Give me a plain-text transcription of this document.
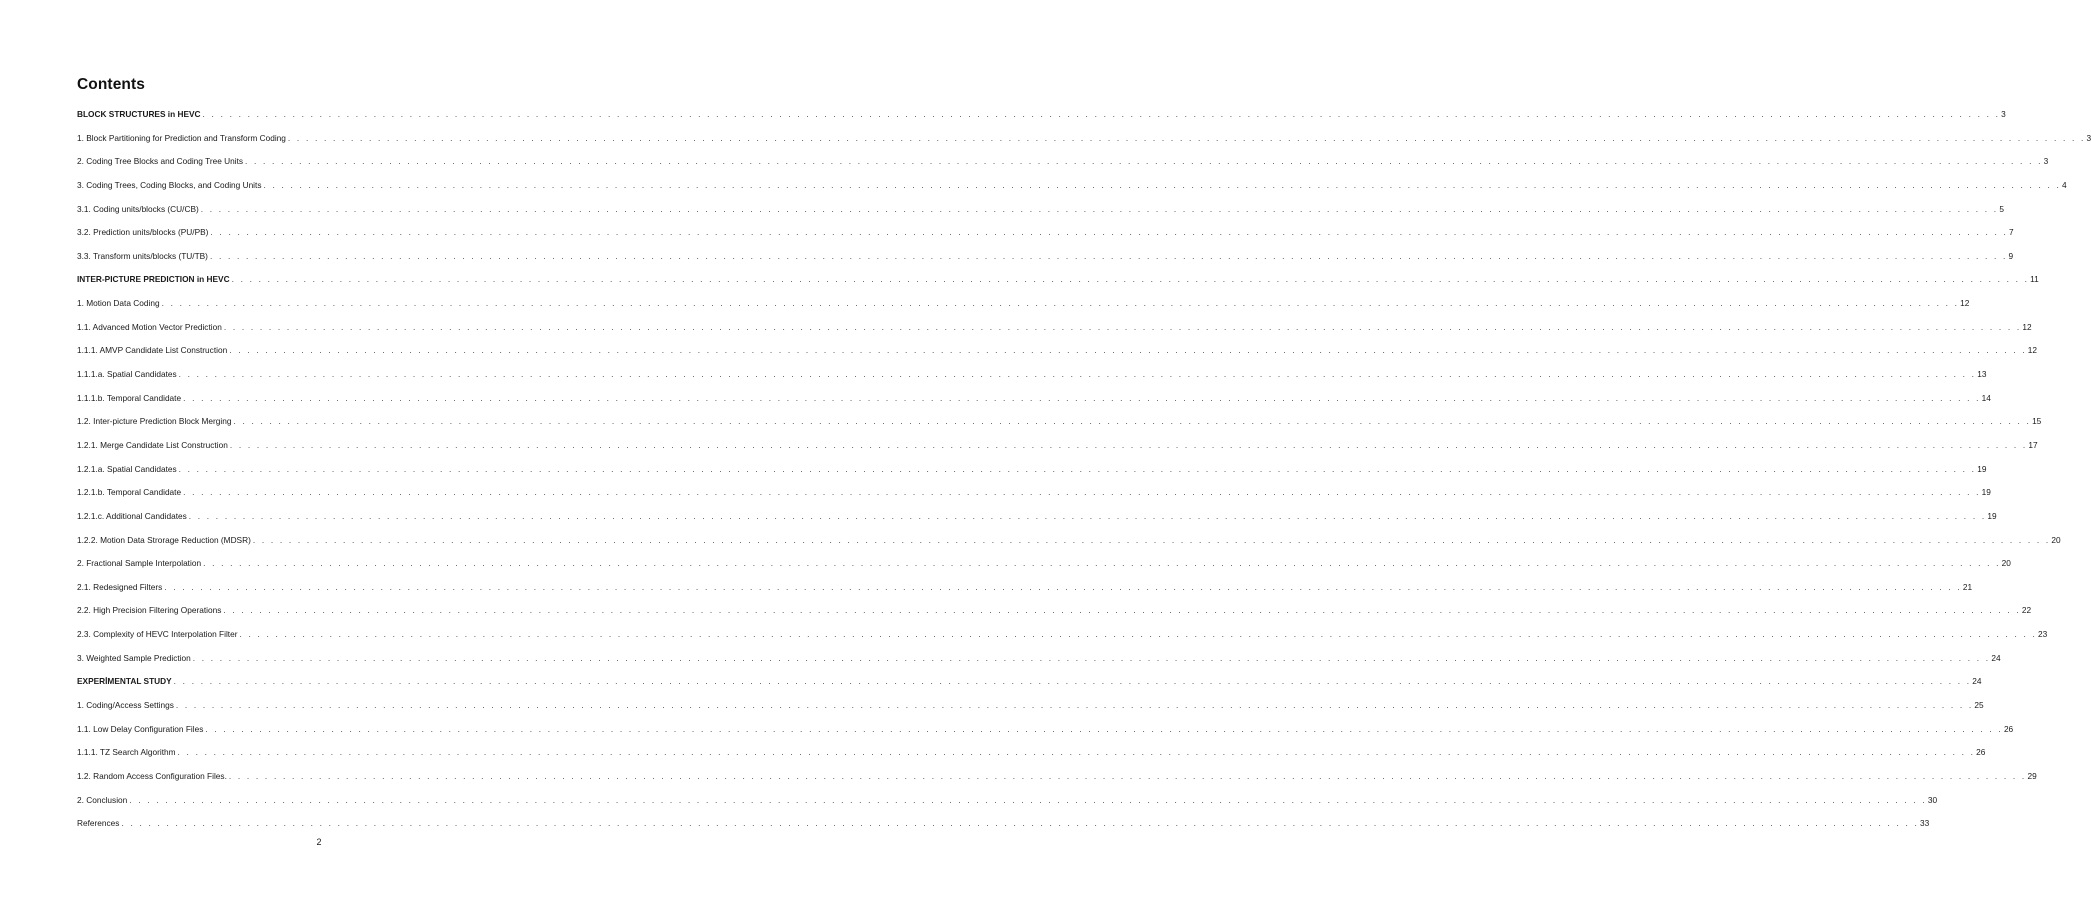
Contents
BLOCK STRUCTURES in HEVC . . . . . . . . . . . . . . . . . . . . . . . . . . . . . . . . . . . . . . . . . . . . . . . . . . . . . . . . . . . . . . . . . . . . . . . . . . . . . . . . . . . . . . . . . . . . . . . . . . . . . . . . . . . . . . . . . . . . . . . . . . . . . . . . . . . . . . . . . . . . . . . . . . . . . . . . . . . . . . . . . . . . . . . . . . . . . . . . . . . . . . . . . . . . . . . . . . . . . . . . 3
1. Block Partitioning for Prediction and Transform Coding . . . . . . . . . . . . . . . . . . . . . . . . . . . . . . . . . . . . . . . . . . . . . . . . . . . . . . . . . . . . . . . . . . . . . . . . . . . . . . . . . . . . . . . . . . . . . . . . . . . . . . . . . . . . . . . . . . . . . . . . . . . . . . . . . . . . . . . . . . . . . . . . . . . . . . . . . . . . . . . . . . . . . . . . . . . . . . . . . . . . . . . . . . . . . . . . . . . . . . . . 3
2. Coding Tree Blocks and Coding Tree Units . . . . . . . . . . . . . . . . . . . . . . . . . . . . . . . . . . . . . . . . . . . . . . . . . . . . . . . . . . . . . . . . . . . . . . . . . . . . . . . . . . . . . . . . . . . . . . . . . . . . . . . . . . . . . . . . . . . . . . . . . . . . . . . . . . . . . . . . . . . . . . . . . . . . . . . . . . . . . . . . . . . . . . . . . . . . . . . . . . . . . . . . . . . . . . . . . . . . . . . . 3
3. Coding Trees, Coding Blocks, and Coding Units . . . . . . . . . . . . . . . . . . . . . . . . . . . . . . . . . . . . . . . . . . . . . . . . . . . . . . . . . . . . . . . . . . . . . . . . . . . . . . . . . . . . . . . . . . . . . . . . . . . . . . . . . . . . . . . . . . . . . . . . . . . . . . . . . . . . . . . . . . . . . . . . . . . . . . . . . . . . . . . . . . . . . . . . . . . . . . . . . . . . . . . . . . . . . . . . . . . . . . . . 4
3.1. Coding units/blocks (CU/CB) . . . . . . . . . . . . . . . . . . . . . . . . . . . . . . . . . . . . . . . . . . . . . . . . . . . . . . . . . . . . . . . . . . . . . . . . . . . . . . . . . . . . . . . . . . . . . . . . . . . . . . . . . . . . . . . . . . . . . . . . . . . . . . . . . . . . . . . . . . . . . . . . . . . . . . . . . . . . . . . . . . . . . . . . . . . . . . . . . . . . . . . . . . . . . . . . . . . . . . . . 5
3.2. Prediction units/blocks (PU/PB) . . . . . . . . . . . . . . . . . . . . . . . . . . . . . . . . . . . . . . . . . . . . . . . . . . . . . . . . . . . . . . . . . . . . . . . . . . . . . . . . . . . . . . . . . . . . . . . . . . . . . . . . . . . . . . . . . . . . . . . . . . . . . . . . . . . . . . . . . . . . . . . . . . . . . . . . . . . . . . . . . . . . . . . . . . . . . . . . . . . . . . . . . . . . . . . . . . . . . . . . 7
3.3. Transform units/blocks (TU/TB) . . . . . . . . . . . . . . . . . . . . . . . . . . . . . . . . . . . . . . . . . . . . . . . . . . . . . . . . . . . . . . . . . . . . . . . . . . . . . . . . . . . . . . . . . . . . . . . . . . . . . . . . . . . . . . . . . . . . . . . . . . . . . . . . . . . . . . . . . . . . . . . . . . . . . . . . . . . . . . . . . . . . . . . . . . . . . . . . . . . . . . . . . . . . . . . . . . . . . . . . 9
INTER-PICTURE PREDICTION in HEVC . . . . . . . . . . . . . . . . . . . . . . . . . . . . . . . . . . . . . . . . . . . . . . . . . . . . . . . . . . . . . . . . . . . . . . . . . . . . . . . . . . . . . . . . . . . . . . . . . . . . . . . . . . . . . . . . . . . . . . . . . . . . . . . . . . . . . . . . . . . . . . . . . . . . . . . . . . . . . . . . . . . . . . . . . . . . . . . . . . . . . . . . . . . . . . . . . . . . . . . . 11
1. Motion Data Coding . . . . . . . . . . . . . . . . . . . . . . . . . . . . . . . . . . . . . . . . . . . . . . . . . . . . . . . . . . . . . . . . . . . . . . . . . . . . . . . . . . . . . . . . . . . . . . . . . . . . . . . . . . . . . . . . . . . . . . . . . . . . . . . . . . . . . . . . . . . . . . . . . . . . . . . . . . . . . . . . . . . . . . . . . . . . . . . . . . . . . . . . . . . . . . . . . . . . . . . . 12
1.1. Advanced Motion Vector Prediction . . . . . . . . . . . . . . . . . . . . . . . . . . . . . . . . . . . . . . . . . . . . . . . . . . . . . . . . . . . . . . . . . . . . . . . . . . . . . . . . . . . . . . . . . . . . . . . . . . . . . . . . . . . . . . . . . . . . . . . . . . . . . . . . . . . . . . . . . . . . . . . . . . . . . . . . . . . . . . . . . . . . . . . . . . . . . . . . . . . . . . . . . . . . . . . . . . . . . . . . 12
1.1.1. AMVP Candidate List Construction . . . . . . . . . . . . . . . . . . . . . . . . . . . . . . . . . . . . . . . . . . . . . . . . . . . . . . . . . . . . . . . . . . . . . . . . . . . . . . . . . . . . . . . . . . . . . . . . . . . . . . . . . . . . . . . . . . . . . . . . . . . . . . . . . . . . . . . . . . . . . . . . . . . . . . . . . . . . . . . . . . . . . . . . . . . . . . . . . . . . . . . . . . . . . . . . . . . . . . . . 12
1.1.1.a. Spatial Candidates . . . . . . . . . . . . . . . . . . . . . . . . . . . . . . . . . . . . . . . . . . . . . . . . . . . . . . . . . . . . . . . . . . . . . . . . . . . . . . . . . . . . . . . . . . . . . . . . . . . . . . . . . . . . . . . . . . . . . . . . . . . . . . . . . . . . . . . . . . . . . . . . . . . . . . . . . . . . . . . . . . . . . . . . . . . . . . . . . . . . . . . . . . . . . . . . . . . . . . . . 13
1.1.1.b. Temporal Candidate . . . . . . . . . . . . . . . . . . . . . . . . . . . . . . . . . . . . . . . . . . . . . . . . . . . . . . . . . . . . . . . . . . . . . . . . . . . . . . . . . . . . . . . . . . . . . . . . . . . . . . . . . . . . . . . . . . . . . . . . . . . . . . . . . . . . . . . . . . . . . . . . . . . . . . . . . . . . . . . . . . . . . . . . . . . . . . . . . . . . . . . . . . . . . . . . . . . . . . . . 14
1.2. Inter-picture Prediction Block Merging . . . . . . . . . . . . . . . . . . . . . . . . . . . . . . . . . . . . . . . . . . . . . . . . . . . . . . . . . . . . . . . . . . . . . . . . . . . . . . . . . . . . . . . . . . . . . . . . . . . . . . . . . . . . . . . . . . . . . . . . . . . . . . . . . . . . . . . . . . . . . . . . . . . . . . . . . . . . . . . . . . . . . . . . . . . . . . . . . . . . . . . . . . . . . . . . . . . . . . . . 15
1.2.1. Merge Candidate List Construction . . . . . . . . . . . . . . . . . . . . . . . . . . . . . . . . . . . . . . . . . . . . . . . . . . . . . . . . . . . . . . . . . . . . . . . . . . . . . . . . . . . . . . . . . . . . . . . . . . . . . . . . . . . . . . . . . . . . . . . . . . . . . . . . . . . . . . . . . . . . . . . . . . . . . . . . . . . . . . . . . . . . . . . . . . . . . . . . . . . . . . . . . . . . . . . . . . . . . . . . 17
1.2.1.a. Spatial Candidates . . . . . . . . . . . . . . . . . . . . . . . . . . . . . . . . . . . . . . . . . . . . . . . . . . . . . . . . . . . . . . . . . . . . . . . . . . . . . . . . . . . . . . . . . . . . . . . . . . . . . . . . . . . . . . . . . . . . . . . . . . . . . . . . . . . . . . . . . . . . . . . . . . . . . . . . . . . . . . . . . . . . . . . . . . . . . . . . . . . . . . . . . . . . . . . . . . . . . . . . 19
1.2.1.b. Temporal Candidate . . . . . . . . . . . . . . . . . . . . . . . . . . . . . . . . . . . . . . . . . . . . . . . . . . . . . . . . . . . . . . . . . . . . . . . . . . . . . . . . . . . . . . . . . . . . . . . . . . . . . . . . . . . . . . . . . . . . . . . . . . . . . . . . . . . . . . . . . . . . . . . . . . . . . . . . . . . . . . . . . . . . . . . . . . . . . . . . . . . . . . . . . . . . . . . . . . . . . . . . 19
1.2.1.c. Additional Candidates . . . . . . . . . . . . . . . . . . . . . . . . . . . . . . . . . . . . . . . . . . . . . . . . . . . . . . . . . . . . . . . . . . . . . . . . . . . . . . . . . . . . . . . . . . . . . . . . . . . . . . . . . . . . . . . . . . . . . . . . . . . . . . . . . . . . . . . . . . . . . . . . . . . . . . . . . . . . . . . . . . . . . . . . . . . . . . . . . . . . . . . . . . . . . . . . . . . . . . . . 19
1.2.2. Motion Data Strorage Reduction (MDSR) . . . . . . . . . . . . . . . . . . . . . . . . . . . . . . . . . . . . . . . . . . . . . . . . . . . . . . . . . . . . . . . . . . . . . . . . . . . . . . . . . . . . . . . . . . . . . . . . . . . . . . . . . . . . . . . . . . . . . . . . . . . . . . . . . . . . . . . . . . . . . . . . . . . . . . . . . . . . . . . . . . . . . . . . . . . . . . . . . . . . . . . . . . . . . . . . . . . . . . . . 20
2. Fractional Sample Interpolation . . . . . . . . . . . . . . . . . . . . . . . . . . . . . . . . . . . . . . . . . . . . . . . . . . . . . . . . . . . . . . . . . . . . . . . . . . . . . . . . . . . . . . . . . . . . . . . . . . . . . . . . . . . . . . . . . . . . . . . . . . . . . . . . . . . . . . . . . . . . . . . . . . . . . . . . . . . . . . . . . . . . . . . . . . . . . . . . . . . . . . . . . . . . . . . . . . . . . . . . 20
2.1. Redesigned Filters . . . . . . . . . . . . . . . . . . . . . . . . . . . . . . . . . . . . . . . . . . . . . . . . . . . . . . . . . . . . . . . . . . . . . . . . . . . . . . . . . . . . . . . . . . . . . . . . . . . . . . . . . . . . . . . . . . . . . . . . . . . . . . . . . . . . . . . . . . . . . . . . . . . . . . . . . . . . . . . . . . . . . . . . . . . . . . . . . . . . . . . . . . . . . . . . . . . . . . . . 21
2.2. High Precision Filtering Operations . . . . . . . . . . . . . . . . . . . . . . . . . . . . . . . . . . . . . . . . . . . . . . . . . . . . . . . . . . . . . . . . . . . . . . . . . . . . . . . . . . . . . . . . . . . . . . . . . . . . . . . . . . . . . . . . . . . . . . . . . . . . . . . . . . . . . . . . . . . . . . . . . . . . . . . . . . . . . . . . . . . . . . . . . . . . . . . . . . . . . . . . . . . . . . . . . . . . . . . . 22
2.3. Complexity of HEVC Interpolation Filter . . . . . . . . . . . . . . . . . . . . . . . . . . . . . . . . . . . . . . . . . . . . . . . . . . . . . . . . . . . . . . . . . . . . . . . . . . . . . . . . . . . . . . . . . . . . . . . . . . . . . . . . . . . . . . . . . . . . . . . . . . . . . . . . . . . . . . . . . . . . . . . . . . . . . . . . . . . . . . . . . . . . . . . . . . . . . . . . . . . . . . . . . . . . . . . . . . . . . . . . 23
3. Weighted Sample Prediction . . . . . . . . . . . . . . . . . . . . . . . . . . . . . . . . . . . . . . . . . . . . . . . . . . . . . . . . . . . . . . . . . . . . . . . . . . . . . . . . . . . . . . . . . . . . . . . . . . . . . . . . . . . . . . . . . . . . . . . . . . . . . . . . . . . . . . . . . . . . . . . . . . . . . . . . . . . . . . . . . . . . . . . . . . . . . . . . . . . . . . . . . . . . . . . . . . . . . . . . 24
EXPERİMENTAL STUDY . . . . . . . . . . . . . . . . . . . . . . . . . . . . . . . . . . . . . . . . . . . . . . . . . . . . . . . . . . . . . . . . . . . . . . . . . . . . . . . . . . . . . . . . . . . . . . . . . . . . . . . . . . . . . . . . . . . . . . . . . . . . . . . . . . . . . . . . . . . . . . . . . . . . . . . . . . . . . . . . . . . . . . . . . . . . . . . . . . . . . . . . . . . . . . . . . . . . . . . . 24
1. Coding/Access Settings . . . . . . . . . . . . . . . . . . . . . . . . . . . . . . . . . . . . . . . . . . . . . . . . . . . . . . . . . . . . . . . . . . . . . . . . . . . . . . . . . . . . . . . . . . . . . . . . . . . . . . . . . . . . . . . . . . . . . . . . . . . . . . . . . . . . . . . . . . . . . . . . . . . . . . . . . . . . . . . . . . . . . . . . . . . . . . . . . . . . . . . . . . . . . . . . . . . . . . . . 25
1.1. Low Delay Configuration Files . . . . . . . . . . . . . . . . . . . . . . . . . . . . . . . . . . . . . . . . . . . . . . . . . . . . . . . . . . . . . . . . . . . . . . . . . . . . . . . . . . . . . . . . . . . . . . . . . . . . . . . . . . . . . . . . . . . . . . . . . . . . . . . . . . . . . . . . . . . . . . . . . . . . . . . . . . . . . . . . . . . . . . . . . . . . . . . . . . . . . . . . . . . . . . . . . . . . . . . . 26
1.1.1. TZ Search Algorithm . . . . . . . . . . . . . . . . . . . . . . . . . . . . . . . . . . . . . . . . . . . . . . . . . . . . . . . . . . . . . . . . . . . . . . . . . . . . . . . . . . . . . . . . . . . . . . . . . . . . . . . . . . . . . . . . . . . . . . . . . . . . . . . . . . . . . . . . . . . . . . . . . . . . . . . . . . . . . . . . . . . . . . . . . . . . . . . . . . . . . . . . . . . . . . . . . . . . . . . . 26
1.2. Random Access Configuration Files. . . . . . . . . . . . . . . . . . . . . . . . . . . . . . . . . . . . . . . . . . . . . . . . . . . . . . . . . . . . . . . . . . . . . . . . . . . . . . . . . . . . . . . . . . . . . . . . . . . . . . . . . . . . . . . . . . . . . . . . . . . . . . . . . . . . . . . . . . . . . . . . . . . . . . . . . . . . . . . . . . . . . . . . . . . . . . . . . . . . . . . . . . . . . . . . . . . . . . . . . 29
2. Conclusion . . . . . . . . . . . . . . . . . . . . . . . . . . . . . . . . . . . . . . . . . . . . . . . . . . . . . . . . . . . . . . . . . . . . . . . . . . . . . . . . . . . . . . . . . . . . . . . . . . . . . . . . . . . . . . . . . . . . . . . . . . . . . . . . . . . . . . . . . . . . . . . . . . . . . . . . . . . . . . . . . . . . . . . . . . . . . . . . . . . . . . . . . . . . . . . . . . . . . . . . 30
References . . . . . . . . . . . . . . . . . . . . . . . . . . . . . . . . . . . . . . . . . . . . . . . . . . . . . . . . . . . . . . . . . . . . . . . . . . . . . . . . . . . . . . . . . . . . . . . . . . . . . . . . . . . . . . . . . . . . . . . . . . . . . . . . . . . . . . . . . . . . . . . . . . . . . . . . . . . . . . . . . . . . . . . . . . . . . . . . . . . . . . . . . . . . . . . . . . . . . . . . 33
2
